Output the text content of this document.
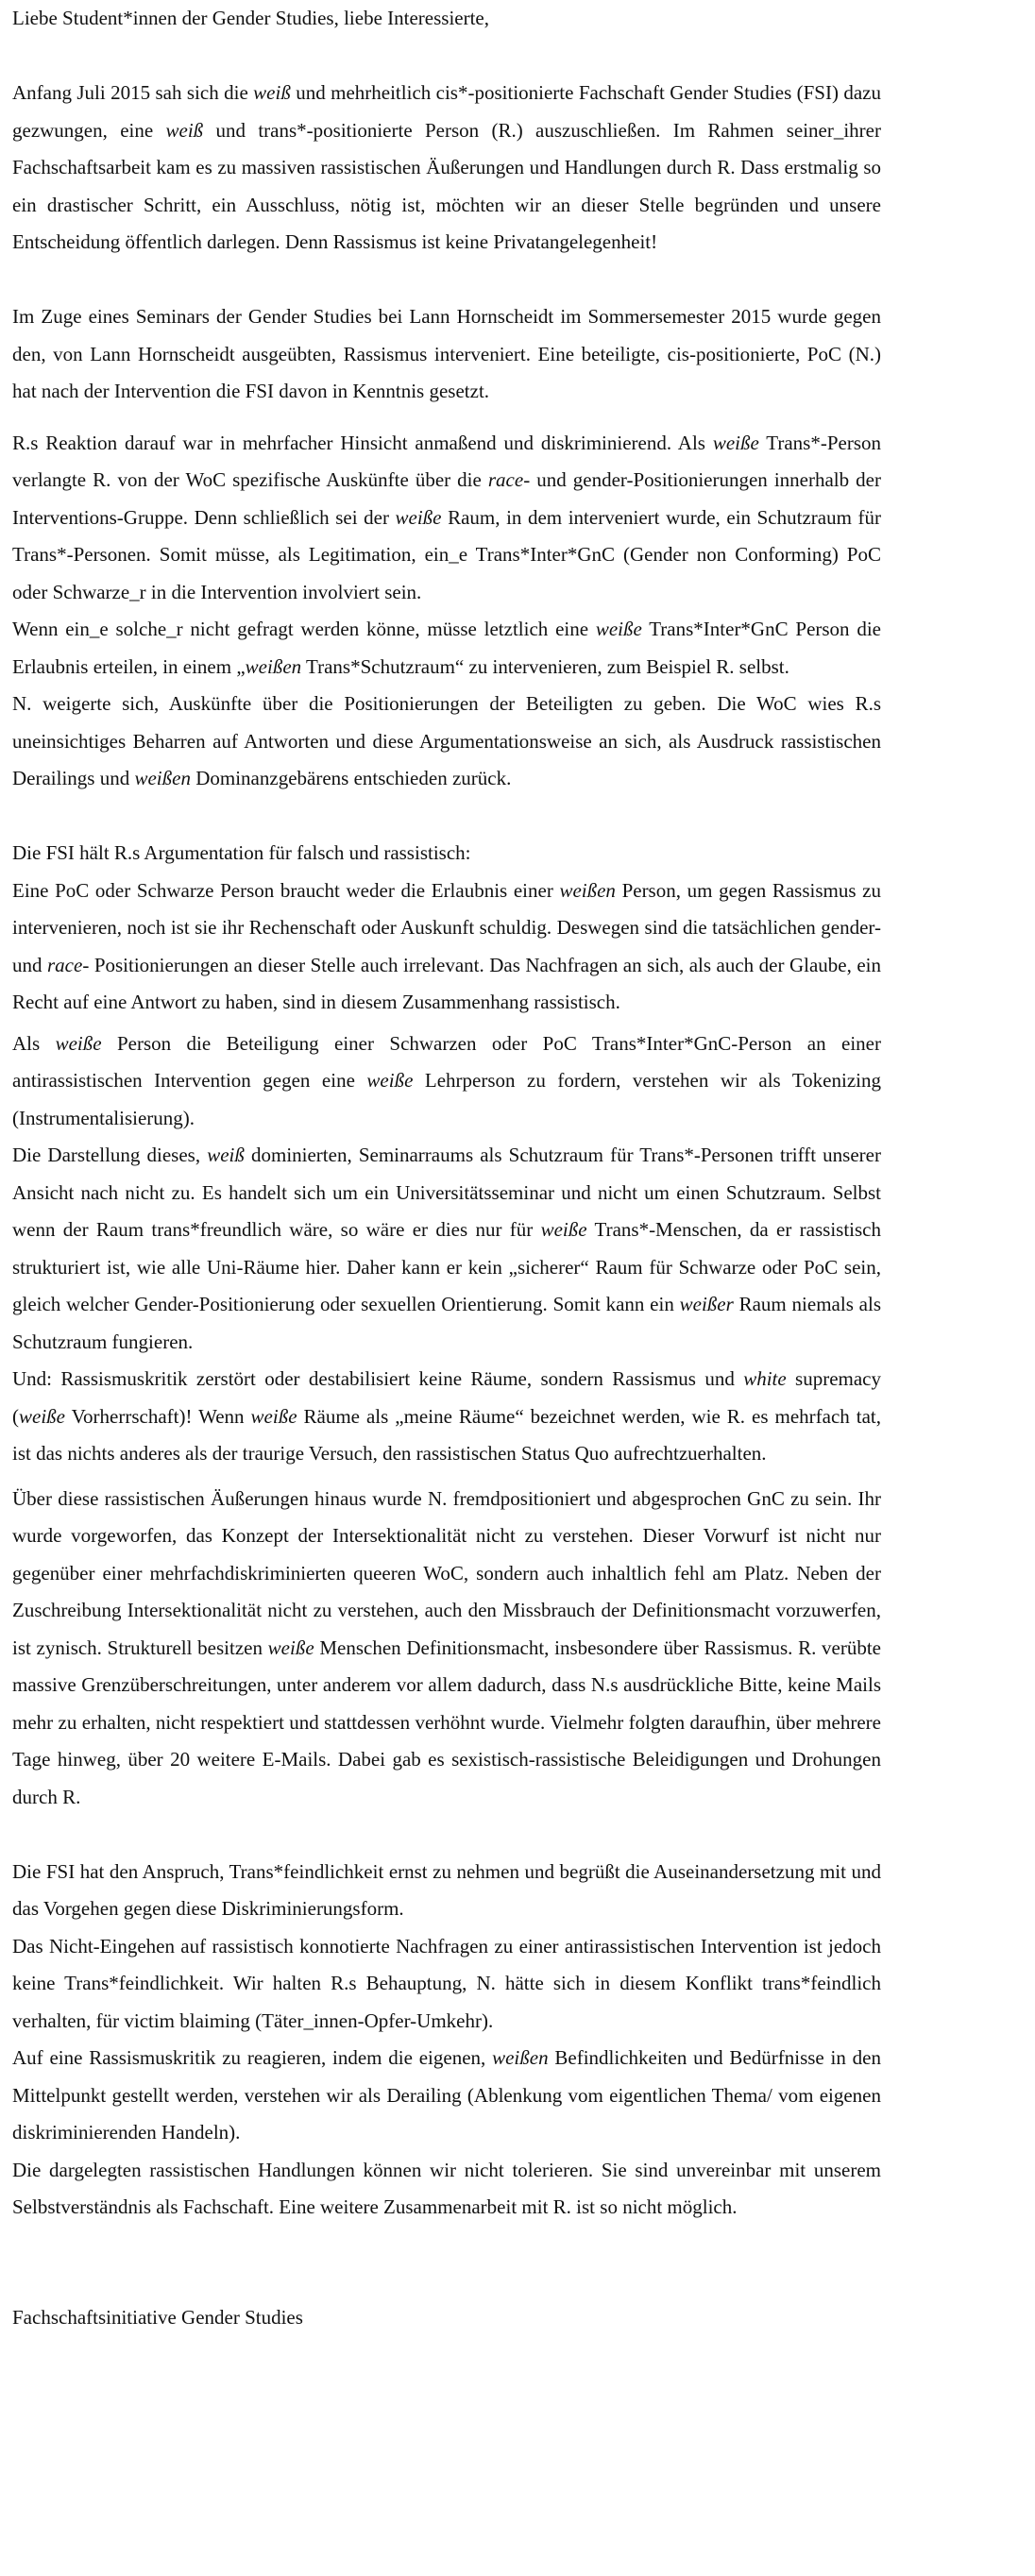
Liebe Student*innen der Gender Studies, liebe Interessierte,

Anfang Juli 2015 sah sich die weiß und mehrheitlich cis*-positionierte Fachschaft Gender Studies (FSI) dazu gezwungen, eine weiß und trans*-positionierte Person (R.) auszuschließen. Im Rahmen seiner_ihrer Fachschaftsarbeit kam es zu massiven rassistischen Äußerungen und Handlungen durch R. Dass erstmalig so ein drastischer Schritt, ein Ausschluss, nötig ist, möchten wir an dieser Stelle begründen und unsere Entscheidung öffentlich darlegen. Denn Rassismus ist keine Privatangelegenheit!

Im Zuge eines Seminars der Gender Studies bei Lann Hornscheidt im Sommersemester 2015 wurde gegen den, von Lann Hornscheidt ausgeübten, Rassismus interveniert. Eine beteiligte, cis-positionierte, PoC (N.) hat nach der Intervention die FSI davon in Kenntnis gesetzt.

R.s Reaktion darauf war in mehrfacher Hinsicht anmaßend und diskriminierend. Als weiße Trans*-Person verlangte R. von der WoC spezifische Auskünfte über die race- und gender-Positionierungen innerhalb der Interventions-Gruppe. Denn schließlich sei der weiße Raum, in dem interveniert wurde, ein Schutzraum für Trans*-Personen. Somit müsse, als Legitimation, ein_e Trans*Inter*GnC (Gender non Conforming) PoC oder Schwarze_r in die Intervention involviert sein.

Wenn ein_e solche_r nicht gefragt werden könne, müsse letztlich eine weiße Trans*Inter*GnC Person die Erlaubnis erteilen, in einem „weißen Trans*Schutzraum“ zu intervenieren, zum Beispiel R. selbst.

N. weigerte sich, Auskünfte über die Positionierungen der Beteiligten zu geben. Die WoC wies R.s uneinsichtiges Beharren auf Antworten und diese Argumentationsweise an sich, als Ausdruck rassistischen Derailings und weißen Dominanzgebärens entschieden zurück.

Die FSI hält R.s Argumentation für falsch und rassistisch:

Eine PoC oder Schwarze Person braucht weder die Erlaubnis einer weißen Person, um gegen Rassismus zu intervenieren, noch ist sie ihr Rechenschaft oder Auskunft schuldig. Deswegen sind die tatsächlichen gender- und race- Positionierungen an dieser Stelle auch irrelevant. Das Nachfragen an sich, als auch der Glaube, ein Recht auf eine Antwort zu haben, sind in diesem Zusammenhang rassistisch.

Als weiße Person die Beteiligung einer Schwarzen oder PoC Trans*Inter*GnC-Person an einer antirassistischen Intervention gegen eine weiße Lehrperson zu fordern, verstehen wir als Tokenizing (Instrumentalisierung).

Die Darstellung dieses, weiß dominierten, Seminarraums als Schutzraum für Trans*-Personen trifft unserer Ansicht nach nicht zu. Es handelt sich um ein Universitätsseminar und nicht um einen Schutzraum. Selbst wenn der Raum trans*freundlich wäre, so wäre er dies nur für weiße Trans*-Menschen, da er rassistisch strukturiert ist, wie alle Uni-Räume hier. Daher kann er kein „sicherer“ Raum für Schwarze oder PoC sein, gleich welcher Gender-Positionierung oder sexuellen Orientierung. Somit kann ein weißer Raum niemals als Schutzraum fungieren.

Und: Rassismuskritik zerstört oder destabilisiert keine Räume, sondern Rassismus und white supremacy (weiße Vorherrschaft)! Wenn weiße Räume als „meine Räume“ bezeichnet werden, wie R. es mehrfach tat, ist das nichts anderes als der traurige Versuch, den rassistischen Status Quo aufrechtzuerhalten.

Über diese rassistischen Äußerungen hinaus wurde N. fremdpositioniert und abgesprochen GnC zu sein. Ihr wurde vorgeworfen, das Konzept der Intersektionalität nicht zu verstehen. Dieser Vorwurf ist nicht nur gegenüber einer mehrfachdiskriminierten queeren WoC, sondern auch inhaltlich fehl am Platz. Neben der Zuschreibung Intersektionalität nicht zu verstehen, auch den Missbrauch der Definitionsmacht vorzuwerfen, ist zynisch. Strukturell besitzen weiße Menschen Definitionsmacht, insbesondere über Rassismus. R. verübte massive Grenzüberschreitungen, unter anderem vor allem dadurch, dass N.s ausdrückliche Bitte, keine Mails mehr zu erhalten, nicht respektiert und stattdessen verhöhnt wurde. Vielmehr folgten daraufhin, über mehrere Tage hinweg, über 20 weitere E-Mails. Dabei gab es sexistisch-rassistische Beleidigungen und Drohungen durch R.

Die FSI hat den Anspruch, Trans*feindlichkeit ernst zu nehmen und begrüßt die Auseinandersetzung mit und das Vorgehen gegen diese Diskriminierungsform.

Das Nicht-Eingehen auf rassistisch konnotierte Nachfragen zu einer antirassistischen Intervention ist jedoch keine Trans*feindlichkeit. Wir halten R.s Behauptung, N. hätte sich in diesem Konflikt trans*feindlich verhalten, für victim blaiming (Täter_innen-Opfer-Umkehr).

Auf eine Rassismuskritik zu reagieren, indem die eigenen, weißen Befindlichkeiten und Bedürfnisse in den Mittelpunkt gestellt werden, verstehen wir als Derailing (Ablenkung vom eigentlichen Thema/ vom eigenen diskriminierenden Handeln).

Die dargelegten rassistischen Handlungen können wir nicht tolerieren. Sie sind unvereinbar mit unserem Selbstverständnis als Fachschaft. Eine weitere Zusammenarbeit mit R. ist so nicht möglich.

Fachschaftsinitiative Gender Studies
